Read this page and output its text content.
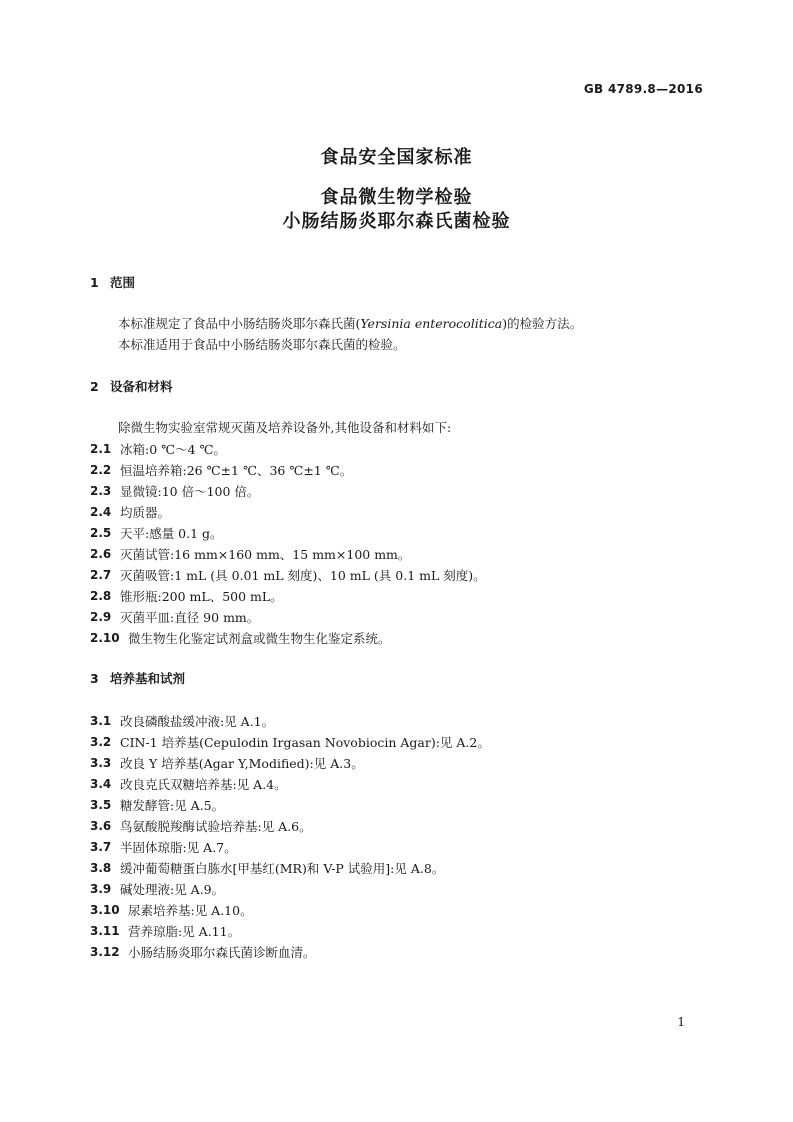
GB 4789.8—2016
食品安全国家标准
食品微生物学检验
小肠结肠炎耶尔森氏菌检验
1 范围
本标准规定了食品中小肠结肠炎耶尔森氏菌(Yersinia enterocolitica)的检验方法。
本标准适用于食品中小肠结肠炎耶尔森氏菌的检验。
2 设备和材料
除微生物实验室常规灭菌及培养设备外,其他设备和材料如下:
2.1 冰箱:0 ℃～4 ℃。
2.2 恒温培养箱:26 ℃±1 ℃、36 ℃±1 ℃。
2.3 显微镜:10 倍～100 倍。
2.4 均质器。
2.5 天平:感量 0.1 g。
2.6 灭菌试管:16 mm×160 mm、15 mm×100 mm。
2.7 灭菌吸管:1 mL (具 0.01 mL 刻度)、10 mL (具 0.1 mL 刻度)。
2.8 锥形瓶:200 mL、500 mL。
2.9 灭菌平皿:直径 90 mm。
2.10 微生物生化鉴定试剂盒或微生物生化鉴定系统。
3 培养基和试剂
3.1 改良磷酸盐缓冲液:见 A.1。
3.2 CIN-1 培养基(Cepulodin Irgasan Novobiocin Agar):见 A.2。
3.3 改良 Y 培养基(Agar Y,Modified):见 A.3。
3.4 改良克氏双糖培养基:见 A.4。
3.5 糖发酵管:见 A.5。
3.6 鸟氨酸脱羧酶试验培养基:见 A.6。
3.7 半固体琼脂:见 A.7。
3.8 缓冲葡萄糖蛋白胨水[甲基红(MR)和 V-P 试验用]:见 A.8。
3.9 碱处理液:见 A.9。
3.10 尿素培养基:见 A.10。
3.11 营养琼脂:见 A.11。
3.12 小肠结肠炎耶尔森氏菌诊断血清。
1
